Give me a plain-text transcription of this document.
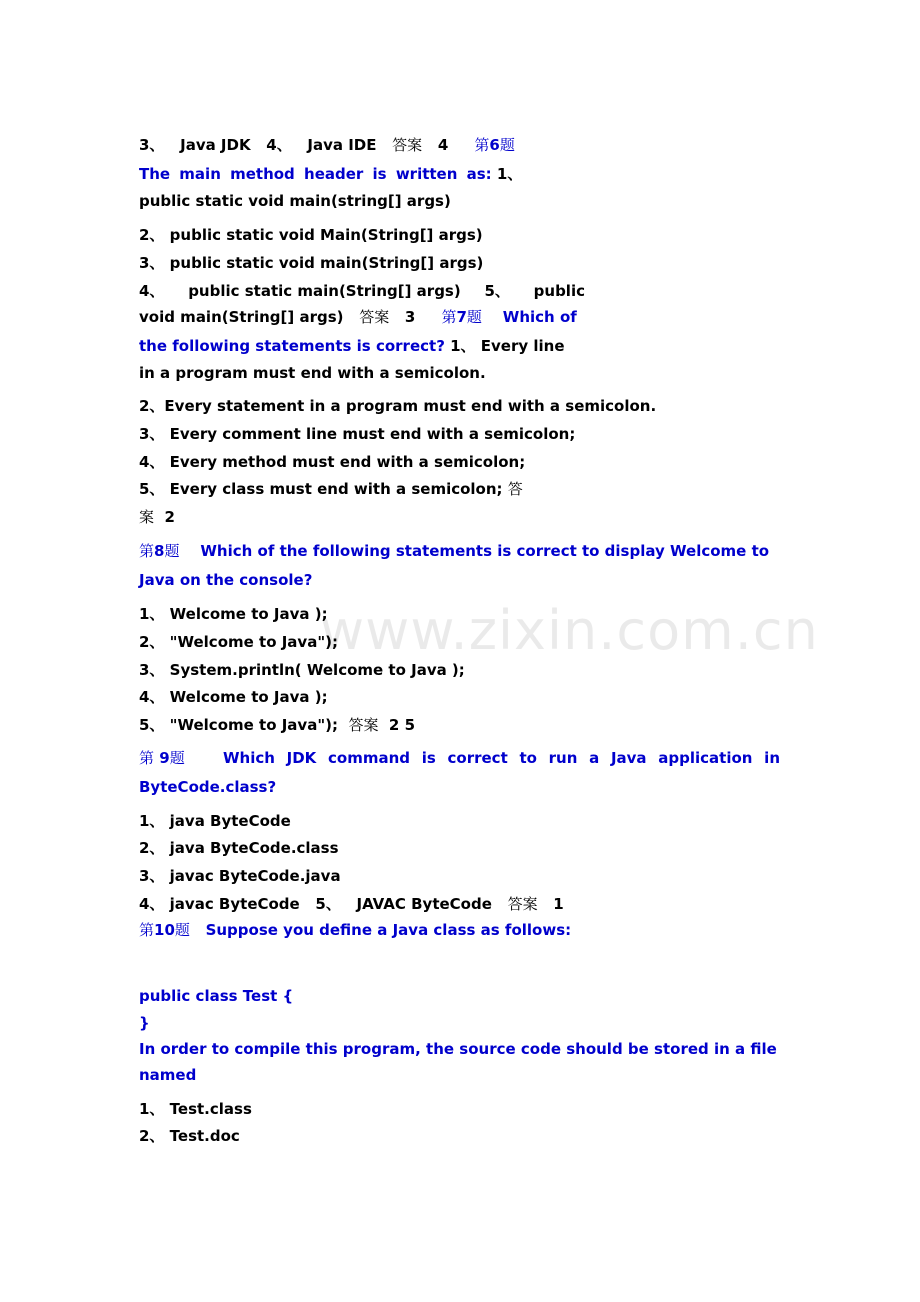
www.zixin.com.cn
3、 Java JDK 4、 Java IDE 答案 4 第6题
The main method header is written as: 1、
public static void main(string[] args)
2、 public static void Main(String[] args)
3、 public static void main(String[] args)
4、 public static main(String[] args) 5、 public
void main(String[] args) 答案 3 第7题 Which of
the following statements is correct? 1、 Every line
in a program must end with a semicolon.
2、Every statement in a program must end with a semicolon.
3、 Every comment line must end with a semicolon;
4、 Every method must end with a semicolon;
5、 Every class must end with a semicolon; 答
案 2
第8题 Which of the following statements is correct to display Welcome to
Java on the console?
1、 Welcome to Java );
2、 "Welcome to Java");
3、 System.println( Welcome to Java );
4、 Welcome to Java );
5、 "Welcome to Java"); 答案 2 5
第 9题	Which JDK command is correct to run a Java application in
ByteCode.class?
1、 java ByteCode
2、 java ByteCode.class
3、 javac ByteCode.java
4、 javac ByteCode 5、 JAVAC ByteCode 答案 1
第10题 Suppose you define a Java class as follows:
public class Test {
}
In order to compile this program, the source code should be stored in a file
named
1、 Test.class
2、 Test.doc
